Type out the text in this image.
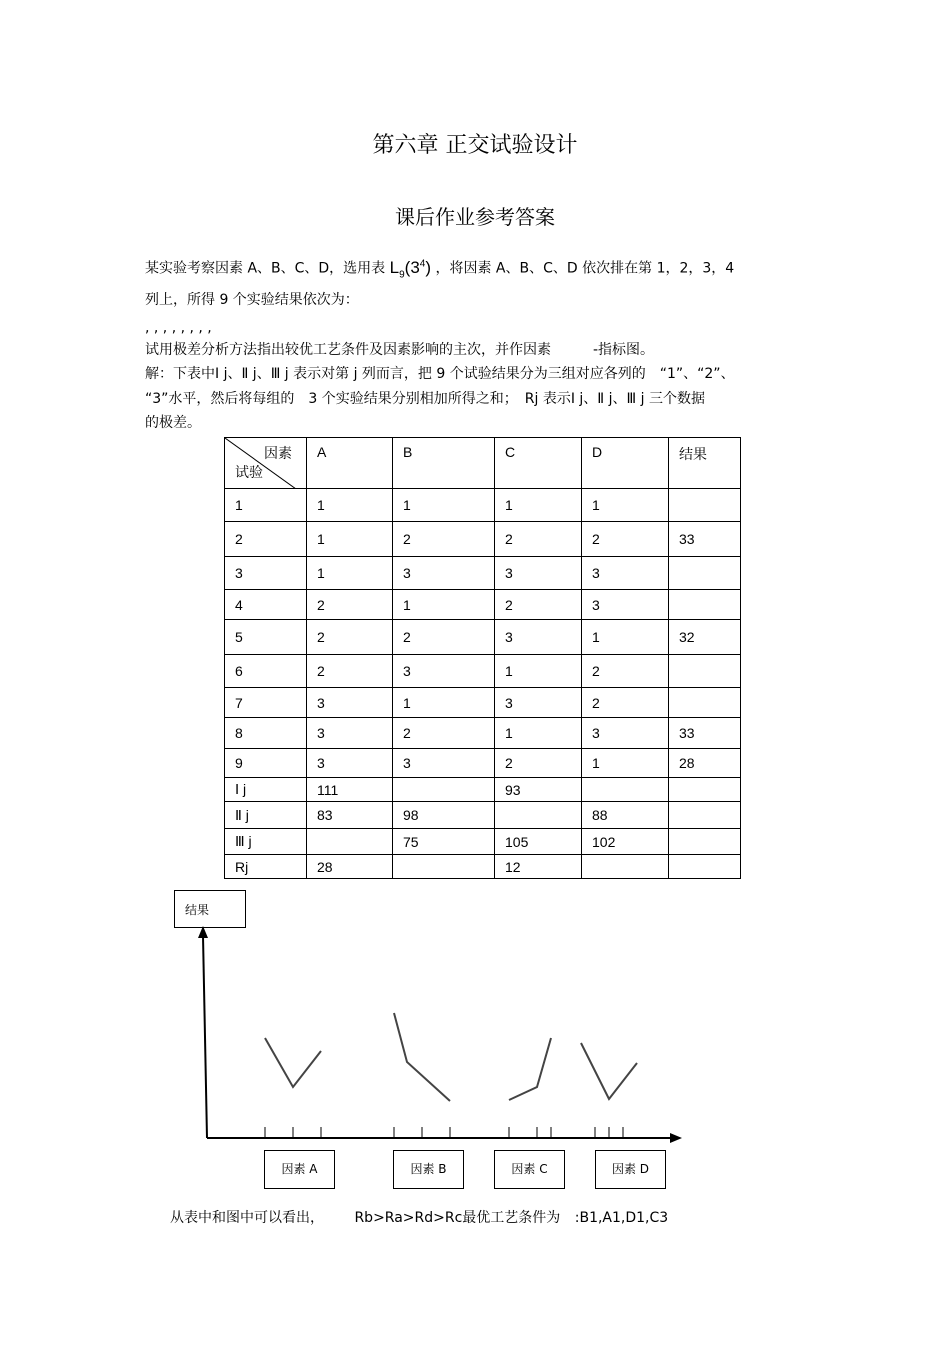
第六章 正交试验设计
课后作业参考答案
某实验考察因素 A、B、C、D，选用表 $L_9(3^4)$ ，将因素 A、B、C、D 依次排在第 1，2，3，4
列上，所得 9 个实验结果依次为：
, , , , , , , ,
试用极差分析方法指出较优工艺条件及因素影响的主次，并作因素　　　-指标图。
解：下表中Ⅰ j、Ⅱ j、Ⅲ j 表示对第 j 列而言，把 9 个试验结果分为三组对应各列的　“1”、“2”、
“3”水平，然后将每组的　3 个实验结果分别相加所得之和；　Rj 表示Ⅰ j、Ⅱ j、Ⅲ j 三个数据
的极差。
因素
试验	A	B	C	D	结果
1	1	1	1	1	
2	1	2	2	2	33
3	1	3	3	3	
4	2	1	2	3	
5	2	2	3	1	32
6	2	3	1	2	
7	3	1	3	2	
8	3	2	1	3	33
9	3	3	2	1	28
Ⅰ j	111		93		
Ⅱ j	83	98		88	
Ⅲ j		75	105	102	
Rj	28		12		
结果
因素 A	因素 B	因素 C	因素 D
从表中和图中可以看出， Rb>Ra>Rd>Rc最优工艺条件为 :B1,A1,D1,C3
